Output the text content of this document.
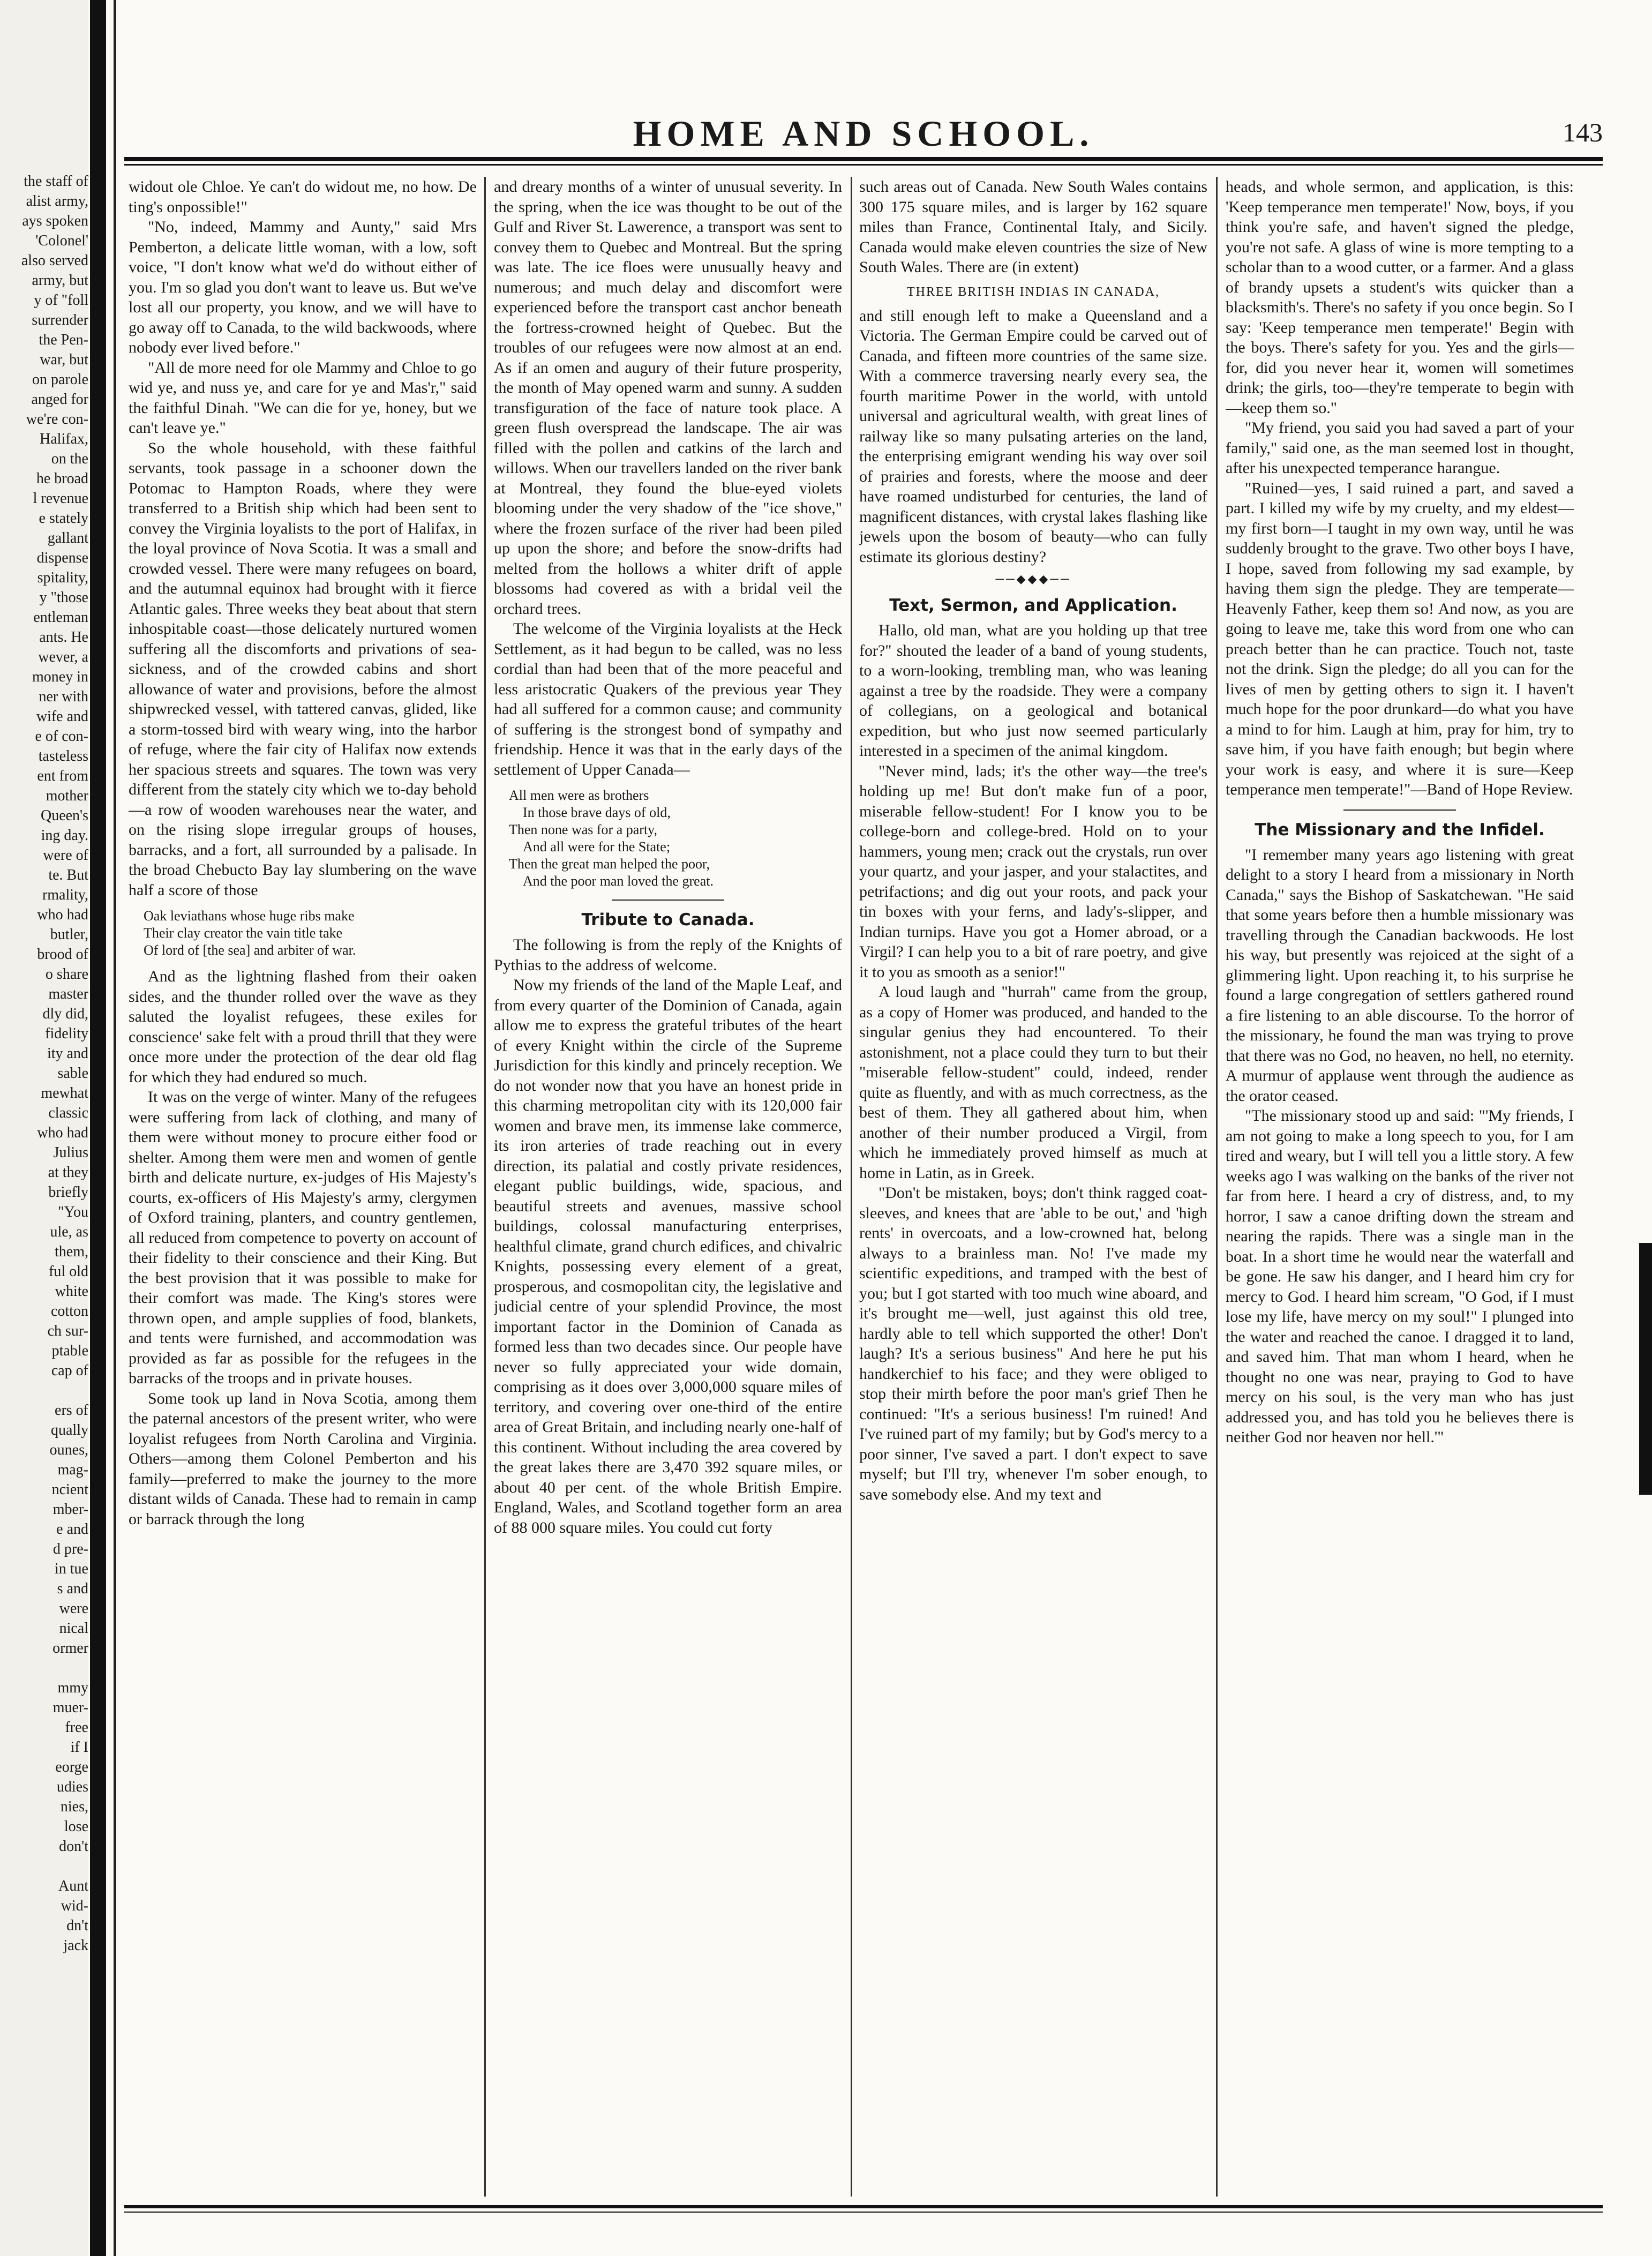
the staff of

alist army,

ays spoken

'Colonel'

also served

army, but

y of "foll

surrender

the Pen-

war, but

on parole

anged for

we're con-

Halifax,

on the

he broad

l revenue

e stately

gallant

dispense

spitality,

y "those

entleman

ants. He

wever, a

money in

ner with

wife and

e of con-

tasteless

ent from

mother

Queen's

ing day.

were of

te. But

rmality,

who had

butler,

brood of

o share

master

dly did,

fidelity

ity and

sable

mewhat

classic

who had

Julius

at they

briefly

"You

ule, as

them,

ful old

white

cotton

ch sur-

ptable

cap of

ers of

qually

ounes,

mag-

ncient

mber-

e and

d pre-

in tue

s and

were

nical

ormer

mmy

muer-

free

if I

eorge

udies

nies,

lose

don't

Aunt

wid-

dn't

jack

HOME AND SCHOOL.	143

widout ole Chloe. Ye can't do widout me, no how. De ting's onpossible!"

"No, indeed, Mammy and Aunty," said Mrs Pemberton, a delicate little woman, with a low, soft voice, "I don't know what we'd do without either of you. I'm so glad you don't want to leave us. But we've lost all our property, you know, and we will have to go away off to Canada, to the wild backwoods, where nobody ever lived before."

"All de more need for ole Mammy and Chloe to go wid ye, and nuss ye, and care for ye and Mas'r," said the faithful Dinah. "We can die for ye, honey, but we can't leave ye."

So the whole household, with these faithful servants, took passage in a schooner down the Potomac to Hampton Roads, where they were transferred to a British ship which had been sent to convey the Virginia loyalists to the port of Halifax, in the loyal province of Nova Scotia. It was a small and crowded vessel. There were many refugees on board, and the autumnal equinox had brought with it fierce Atlantic gales. Three weeks they beat about that stern inhospitable coast—those delicately nurtured women suffering all the discomforts and privations of sea-sickness, and of the crowded cabins and short allowance of water and provisions, before the almost shipwrecked vessel, with tattered canvas, glided, like a storm-tossed bird with weary wing, into the harbor of refuge, where the fair city of Halifax now extends her spacious streets and squares. The town was very different from the stately city which we to-day behold—a row of wooden warehouses near the water, and on the rising slope irregular groups of houses, barracks, and a fort, all surrounded by a palisade. In the broad Chebucto Bay lay slumbering on the wave half a score of those

Oak leviathans whose huge ribs make
Their clay creator the vain title take
Of lord of [the sea] and arbiter of war.

And as the lightning flashed from their oaken sides, and the thunder rolled over the wave as they saluted the loyalist refugees, these exiles for conscience' sake felt with a proud thrill that they were once more under the protection of the dear old flag for which they had endured so much.

It was on the verge of winter. Many of the refugees were suffering from lack of clothing, and many of them were without money to procure either food or shelter. Among them were men and women of gentle birth and delicate nurture, ex-judges of His Majesty's courts, ex-officers of His Majesty's army, clergymen of Oxford training, planters, and country gentlemen, all reduced from competence to poverty on account of their fidelity to their conscience and their King. But the best provision that it was possible to make for their comfort was made. The King's stores were thrown open, and ample supplies of food, blankets, and tents were furnished, and accommodation was provided as far as possible for the refugees in the barracks of the troops and in private houses.

Some took up land in Nova Scotia, among them the paternal ancestors of the present writer, who were loyalist refugees from North Carolina and Virginia. Others—among them Colonel Pemberton and his family—preferred to make the journey to the more distant wilds of Canada. These had to remain in camp or barrack through the long

and dreary months of a winter of unusual severity. In the spring, when the ice was thought to be out of the Gulf and River St. Lawerence, a transport was sent to convey them to Quebec and Montreal. But the spring was late. The ice floes were unusually heavy and numerous; and much delay and discomfort were experienced before the transport cast anchor beneath the fortress-crowned height of Quebec. But the troubles of our refugees were now almost at an end. As if an omen and augury of their future prosperity, the month of May opened warm and sunny. A sudden transfiguration of the face of nature took place. A green flush overspread the landscape. The air was filled with the pollen and catkins of the larch and willows. When our travellers landed on the river bank at Montreal, they found the blue-eyed violets blooming under the very shadow of the "ice shove," where the frozen surface of the river had been piled up upon the shore; and before the snow-drifts had melted from the hollows a whiter drift of apple blossoms had covered as with a bridal veil the orchard trees.

The welcome of the Virginia loyalists at the Heck Settlement, as it had begun to be called, was no less cordial than had been that of the more peaceful and less aristocratic Quakers of the previous year They had all suffered for a common cause; and community of suffering is the strongest bond of sympathy and friendship. Hence it was that in the early days of the settlement of Upper Canada—

All men were as brothers
In those brave days of old,
Then none was for a party,
And all were for the State;
Then the great man helped the poor,
And the poor man loved the great.
Tribute to Canada.

The following is from the reply of the Knights of Pythias to the address of welcome.

Now my friends of the land of the Maple Leaf, and from every quarter of the Dominion of Canada, again allow me to express the grateful tributes of the heart of every Knight within the circle of the Supreme Jurisdiction for this kindly and princely reception. We do not wonder now that you have an honest pride in this charming metropolitan city with its 120,000 fair women and brave men, its immense lake commerce, its iron arteries of trade reaching out in every direction, its palatial and costly private residences, elegant public buildings, wide, spacious, and beautiful streets and avenues, massive school buildings, colossal manufacturing enterprises, healthful climate, grand church edifices, and chivalric Knights, possessing every element of a great, prosperous, and cosmopolitan city, the legislative and judicial centre of your splendid Province, the most important factor in the Dominion of Canada as formed less than two decades since. Our people have never so fully appreciated your wide domain, comprising as it does over 3,000,000 square miles of territory, and covering over one-third of the entire area of Great Britain, and including nearly one-half of this continent. Without including the area covered by the great lakes there are 3,470 392 square miles, or about 40 per cent. of the whole British Empire. England, Wales, and Scotland together form an area of 88 000 square miles. You could cut forty

such areas out of Canada. New South Wales contains 300 175 square miles, and is larger by 162 square miles than France, Continental Italy, and Sicily. Canada would make eleven countries the size of New South Wales. There are (in extent)

THREE BRITISH INDIAS IN CANADA,

and still enough left to make a Queensland and a Victoria. The German Empire could be carved out of Canada, and fifteen more countries of the same size. With a commerce traversing nearly every sea, the fourth maritime Power in the world, with untold universal and agricultural wealth, with great lines of railway like so many pulsating arteries on the land, the enterprising emigrant wending his way over soil of prairies and forests, where the moose and deer have roamed undisturbed for centuries, the land of magnificent distances, with crystal lakes flashing like jewels upon the bosom of beauty—who can fully estimate its glorious destiny?

──◆◆◆──
Text, Sermon, and Application.

Hallo, old man, what are you holding up that tree for?" shouted the leader of a band of young students, to a worn-looking, trembling man, who was leaning against a tree by the roadside. They were a company of collegians, on a geological and botanical expedition, but who just now seemed particularly interested in a specimen of the animal kingdom.

"Never mind, lads; it's the other way—the tree's holding up me! But don't make fun of a poor, miserable fellow-student! For I know you to be college-born and college-bred. Hold on to your hammers, young men; crack out the crystals, run over your quartz, and your jasper, and your stalactites, and petrifactions; and dig out your roots, and pack your tin boxes with your ferns, and lady's-slipper, and Indian turnips. Have you got a Homer abroad, or a Virgil? I can help you to a bit of rare poetry, and give it to you as smooth as a senior!"

A loud laugh and "hurrah" came from the group, as a copy of Homer was produced, and handed to the singular genius they had encountered. To their astonishment, not a place could they turn to but their "miserable fellow-student" could, indeed, render quite as fluently, and with as much correctness, as the best of them. They all gathered about him, when another of their number produced a Virgil, from which he immediately proved himself as much at home in Latin, as in Greek.

"Don't be mistaken, boys; don't think ragged coat-sleeves, and knees that are 'able to be out,' and 'high rents' in overcoats, and a low-crowned hat, belong always to a brainless man. No! I've made my scientific expeditions, and tramped with the best of you; but I got started with too much wine aboard, and it's brought me—well, just against this old tree, hardly able to tell which supported the other! Don't laugh? It's a serious business" And here he put his handkerchief to his face; and they were obliged to stop their mirth before the poor man's grief Then he continued: "It's a serious business! I'm ruined! And I've ruined part of my family; but by God's mercy to a poor sinner, I've saved a part. I don't expect to save myself; but I'll try, whenever I'm sober enough, to save somebody else. And my text and

heads, and whole sermon, and application, is this: 'Keep temperance men temperate!' Now, boys, if you think you're safe, and haven't signed the pledge, you're not safe. A glass of wine is more tempting to a scholar than to a wood cutter, or a farmer. And a glass of brandy upsets a student's wits quicker than a blacksmith's. There's no safety if you once begin. So I say: 'Keep temperance men temperate!' Begin with the boys. There's safety for you. Yes and the girls—for, did you never hear it, women will sometimes drink; the girls, too—they're temperate to begin with—keep them so."

"My friend, you said you had saved a part of your family," said one, as the man seemed lost in thought, after his unexpected temperance harangue.

"Ruined—yes, I said ruined a part, and saved a part. I killed my wife by my cruelty, and my eldest—my first born—I taught in my own way, until he was suddenly brought to the grave. Two other boys I have, I hope, saved from following my sad example, by having them sign the pledge. They are temperate—Heavenly Father, keep them so! And now, as you are going to leave me, take this word from one who can preach better than he can practice. Touch not, taste not the drink. Sign the pledge; do all you can for the lives of men by getting others to sign it. I haven't much hope for the poor drunkard—do what you have a mind to for him. Laugh at him, pray for him, try to save him, if you have faith enough; but begin where your work is easy, and where it is sure—Keep temperance men temperate!"—Band of Hope Review.

The Missionary and the Infidel.

"I remember many years ago listening with great delight to a story I heard from a missionary in North Canada," says the Bishop of Saskatchewan. "He said that some years before then a humble missionary was travelling through the Canadian backwoods. He lost his way, but presently was rejoiced at the sight of a glimmering light. Upon reaching it, to his surprise he found a large congregation of settlers gathered round a fire listening to an able discourse. To the horror of the missionary, he found the man was trying to prove that there was no God, no heaven, no hell, no eternity. A murmur of applause went through the audience as the orator ceased.

"The missionary stood up and said: "'My friends, I am not going to make a long speech to you, for I am tired and weary, but I will tell you a little story. A few weeks ago I was walking on the banks of the river not far from here. I heard a cry of distress, and, to my horror, I saw a canoe drifting down the stream and nearing the rapids. There was a single man in the boat. In a short time he would near the waterfall and be gone. He saw his danger, and I heard him cry for mercy to God. I heard him scream, "O God, if I must lose my life, have mercy on my soul!" I plunged into the water and reached the canoe. I dragged it to land, and saved him. That man whom I heard, when he thought no one was near, praying to God to have mercy on his soul, is the very man who has just addressed you, and has told you he believes there is neither God nor heaven nor hell.'"
